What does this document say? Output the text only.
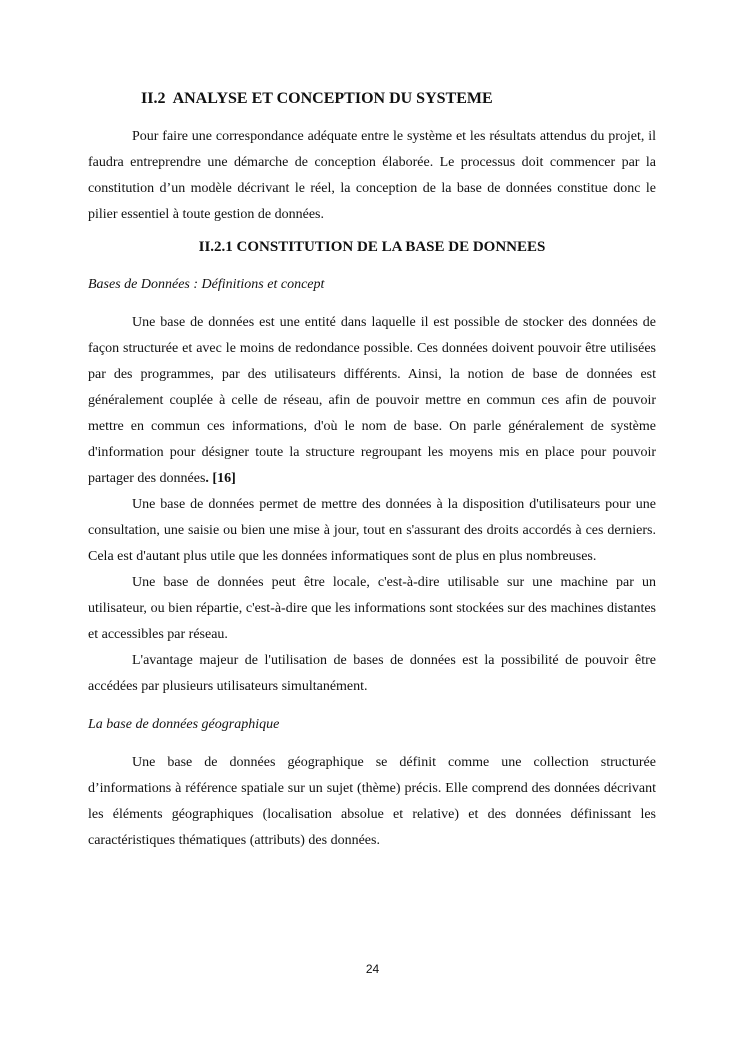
II.2  ANALYSE ET CONCEPTION DU SYSTEME

Pour faire une correspondance adéquate entre le système et les résultats attendus du projet, il faudra entreprendre une démarche de conception élaborée. Le processus doit commencer par la constitution d’un modèle décrivant le réel, la conception de la base de données constitue donc le pilier essentiel à toute gestion de données.

II.2.1 CONSTITUTION DE LA BASE DE DONNEES
Bases de Données : Définitions et concept

Une base de données est une entité dans laquelle il est possible de stocker des données de façon structurée et avec le moins de redondance possible. Ces données doivent pouvoir être utilisées par des programmes, par des utilisateurs différents. Ainsi, la notion de base de données est généralement couplée à celle de réseau, afin de pouvoir mettre en commun ces afin de pouvoir mettre en commun ces informations, d'où le nom de base. On parle généralement de système d'information pour désigner toute la structure regroupant les moyens mis en place pour pouvoir partager des données. [16]

Une base de données permet de mettre des données à la disposition d'utilisateurs pour une consultation, une saisie ou bien une mise à jour, tout en s'assurant des droits accordés à ces derniers. Cela est d'autant plus utile que les données informatiques sont de plus en plus nombreuses.

Une base de données peut être locale, c'est-à-dire utilisable sur une machine par un utilisateur, ou bien répartie, c'est-à-dire que les informations sont stockées sur des machines distantes et accessibles par réseau.

L'avantage majeur de l'utilisation de bases de données est la possibilité de pouvoir être accédées par plusieurs utilisateurs simultanément.

La base de données géographique

Une base de données géographique se définit comme une collection structurée d’informations à référence spatiale sur un sujet (thème) précis. Elle comprend des données décrivant les éléments géographiques (localisation absolue et relative) et des données définissant les caractéristiques thématiques (attributs) des données.

24
